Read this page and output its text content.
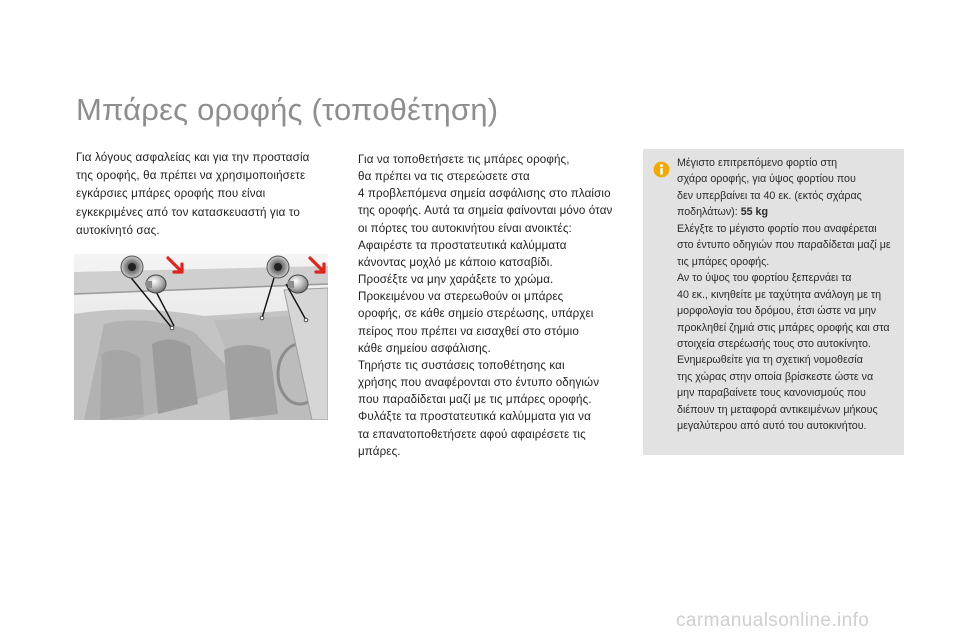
Μπάρες οροφής (τοποθέτηση)
Για λόγους ασφαλείας και για την προστασία
της οροφής, θα πρέπει να χρησιμοποιήσετε
εγκάρσιες μπάρες οροφής που είναι
εγκεκριμένες από τον κατασκευαστή για το
αυτοκίνητό σας.
Για να τοποθετήσετε τις μπάρες οροφής,
θα πρέπει να τις στερεώσετε στα
4 προβλεπόμενα σημεία ασφάλισης στο πλαίσιο
της οροφής. Αυτά τα σημεία φαίνονται μόνο όταν
οι πόρτες του αυτοκινήτου είναι ανοικτές:
Αφαιρέστε τα προστατευτικά καλύμματα
κάνοντας μοχλό με κάποιο κατσαβίδι.
Προσέξτε να μην χαράξετε το χρώμα.
Προκειμένου να στερεωθούν οι μπάρες
οροφής, σε κάθε σημείο στερέωσης, υπάρχει
πείρος που πρέπει να εισαχθεί στο στόμιο
κάθε σημείου ασφάλισης.
Τηρήστε τις συστάσεις τοποθέτησης και
χρήσης που αναφέρονται στο έντυπο οδηγιών
που παραδίδεται μαζί με τις μπάρες οροφής.
Φυλάξτε τα προστατευτικά καλύμματα για να
τα επανατοποθετήσετε αφού αφαιρέσετε τις
μπάρες.
Μέγιστο επιτρεπόμενο φορτίο στη
σχάρα οροφής, για ύψος φορτίου που
δεν υπερβαίνει τα 40 εκ. (εκτός σχάρας
ποδηλάτων): 55 kg
Ελέγξτε το μέγιστο φορτίο που αναφέρεται
στο έντυπο οδηγιών που παραδίδεται μαζί με
τις μπάρες οροφής.
Αν το ύψος του φορτίου ξεπερνάει τα
40 εκ., κινηθείτε με ταχύτητα ανάλογη με τη
μορφολογία του δρόμου, έτσι ώστε να μην
προκληθεί ζημιά στις μπάρες οροφής και στα
στοιχεία στερέωσής τους στο αυτοκίνητο.
Ενημερωθείτε για τη σχετική νομοθεσία
της χώρας στην οποία βρίσκεστε ώστε να
μην παραβαίνετε τους κανονισμούς που
διέπουν τη μεταφορά αντικειμένων μήκους
μεγαλύτερου από αυτό του αυτοκινήτου.
carmanualsonline.info
